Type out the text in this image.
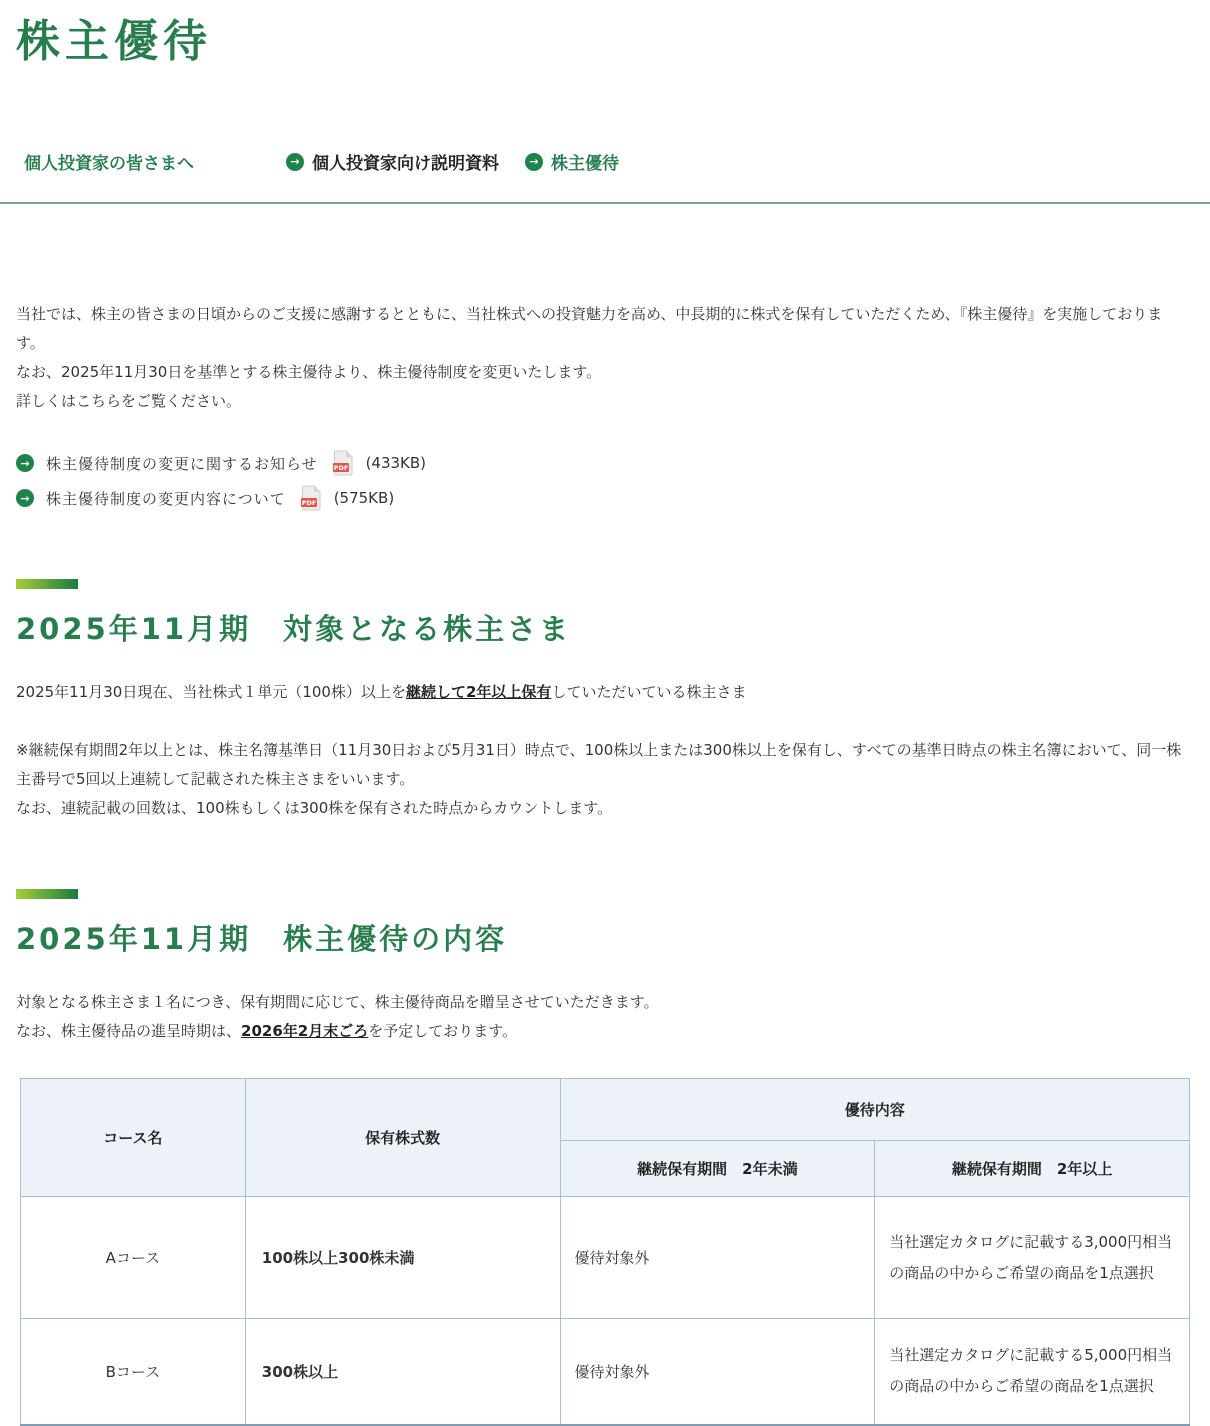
株主優待
個人投資家の皆さまへ	→ 個人投資家向け説明資料	→ 株主優待

当社では、株主の皆さまの日頃からのご支援に感謝するとともに、当社株式への投資魅力を高め、中長期的に株式を保有していただくため、『株主優待』を実施しております。

なお、2025年11月30日を基準とする株主優待より、株主優待制度を変更いたします。

詳しくはこちらをご覧ください。

→ 株主優待制度の変更に関するお知らせ PDF (433KB)
→ 株主優待制度の変更内容について PDF (575KB)
2025年11月期　対象となる株主さま

2025年11月30日現在、当社株式１単元（100株）以上を継続して2年以上保有していただいている株主さま

※継続保有期間2年以上とは、株主名簿基準日（11月30日および5月31日）時点で、100株以上または300株以上を保有し、すべての基準日時点の株主名簿において、同一株主番号で5回以上連続して記載された株主さまをいいます。

なお、連続記載の回数は、100株もしくは300株を保有された時点からカウントします。

2025年11月期　株主優待の内容

対象となる株主さま１名につき、保有期間に応じて、株主優待商品を贈呈させていただきます。

なお、株主優待品の進呈時期は、2026年2月末ごろを予定しております。

コース名	保有株式数	優待内容	
		継続保有期間　2年未満	継続保有期間　2年以上
Aコース	100株以上300株未満	優待対象外	当社選定カタログに記載する3,000円相当の商品の中からご希望の商品を1点選択
Bコース	300株以上	優待対象外	当社選定カタログに記載する5,000円相当の商品の中からご希望の商品を1点選択
